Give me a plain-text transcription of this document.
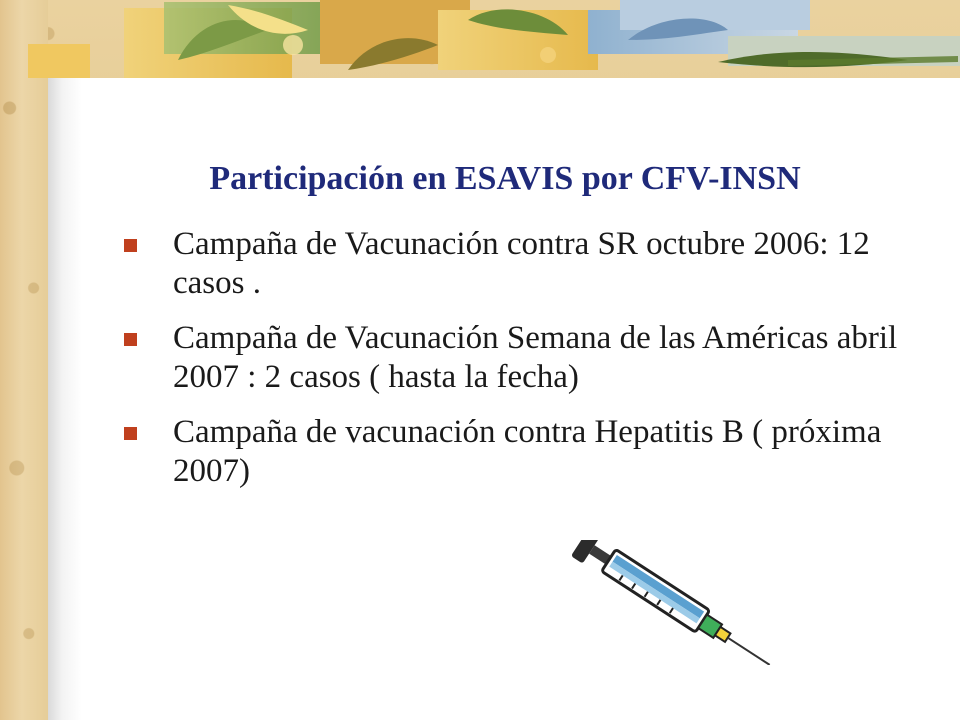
Participación en ESAVIS por CFV-INSN
Campaña de Vacunación contra SR octubre 2006: 12 casos .
Campaña de Vacunación Semana de las Américas abril 2007 : 2 casos ( hasta la fecha)
Campaña de vacunación contra Hepatitis B ( próxima 2007)
